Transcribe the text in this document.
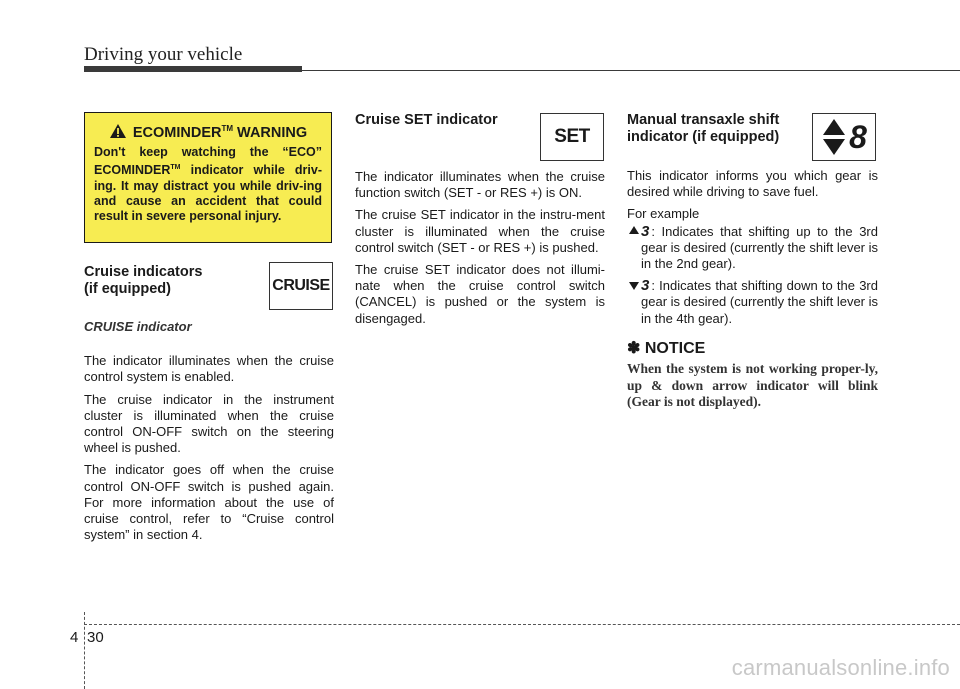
Driving your vehicle
ECOMINDER™ WARNING
Don't keep watching the “ECO” ECOMINDER™ indicator while driv-ing. It may distract you while driv-ing and cause an accident that could result in severe personal injury.
Cruise indicators
(if equipped)	CRUISE
CRUISE indicator

The indicator illuminates when the cruise control system is enabled.

The cruise indicator in the instrument cluster is illuminated when the cruise control ON-OFF switch on the steering wheel is pushed.

The indicator goes off when the cruise control ON-OFF switch is pushed again. For more information about the use of cruise control, refer to “Cruise control system” in section 4.

Cruise SET indicator
SET

The indicator illuminates when the cruise function switch (SET - or RES +) is ON.

The cruise SET indicator in the instru-ment cluster is illuminated when the cruise control switch (SET - or RES +) is pushed.

The cruise SET indicator does not illumi-nate when the cruise control switch (CANCEL) is pushed or the system is disengaged.

Manual transaxle shift
indicator (if equipped)	8

This indicator informs you which gear is desired while driving to save fuel.

For example
3 : Indicates that shifting up to the 3rd gear is desired (currently the shift lever is in the 2nd gear).
3 : Indicates that shifting down to the 3rd gear is desired (currently the shift lever is in the 4th gear).
✽ NOTICE
When the system is not working proper-ly, up & down arrow indicator will blink (Gear is not displayed).
4 30
carmanualsonline.info
